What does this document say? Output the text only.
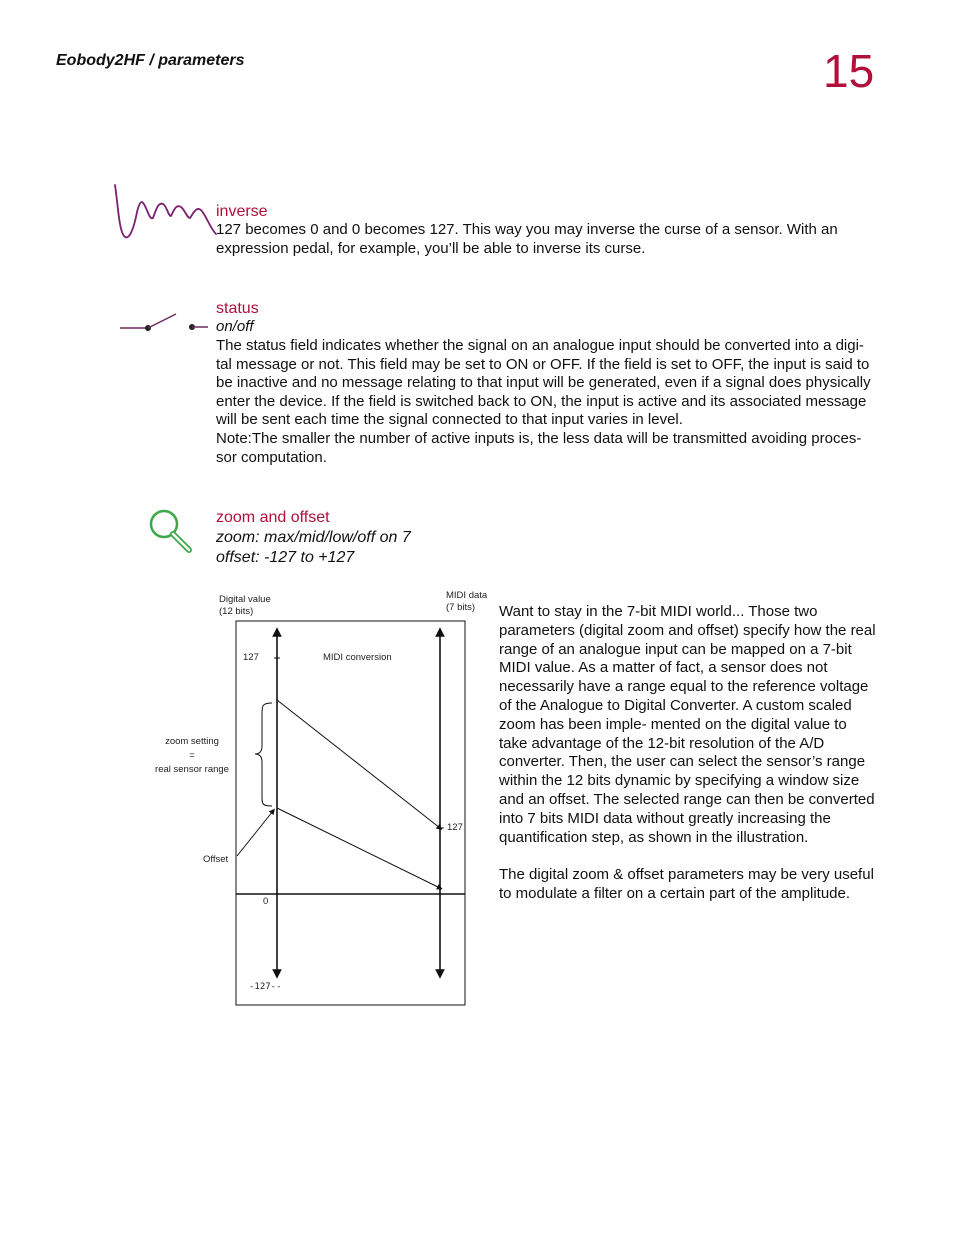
Eobody2HF / parameters	15
inverse
127 becomes 0 and 0 becomes 127. This way you may inverse the curse of a sensor. With an expression pedal, for example, you’ll be able to inverse its curse.
status
on/off

The status field indicates whether the signal on an analogue input should be converted into a digi-

tal message or not. This field may be set to ON or OFF. If the field is set to OFF, the input is said to

be inactive and no message relating to that input will be generated, even if a signal does physically

enter the device. If the field is switched back to ON, the input is active and its associated message

will be sent each time the signal connected to that input varies in level.

Note:The smaller the number of active inputs is, the less data will be transmitted avoiding proces-

sor computation.

zoom and offset
zoom: max/mid/low/off on 7
offset: -127 to +127
Digital value
(12 bits)
MIDI data
(7 bits)
127	MIDI conversion
zoom setting
=
real sensor range
127
Offset
0
-127--

Want to stay in the 7-bit MIDI world... Those two parameters (digital zoom and offset) specify how the real range of an analogue input can be mapped on a 7-bit MIDI value. As a matter of fact, a sensor does not necessarily have a range equal to the reference voltage of the Analogue to Digital Converter. A custom scaled zoom has been imple- mented on the digital value to take advantage of the 12-bit resolution of the A/D converter. Then, the user can select the sensor’s range within the 12 bits dynamic by specifying a window size and an offset. The selected range can then be converted into 7 bits MIDI data without greatly increasing the quantification step, as shown in the illustration.

The digital zoom & offset parameters may be very useful to modulate a filter on a certain part of the amplitude.
